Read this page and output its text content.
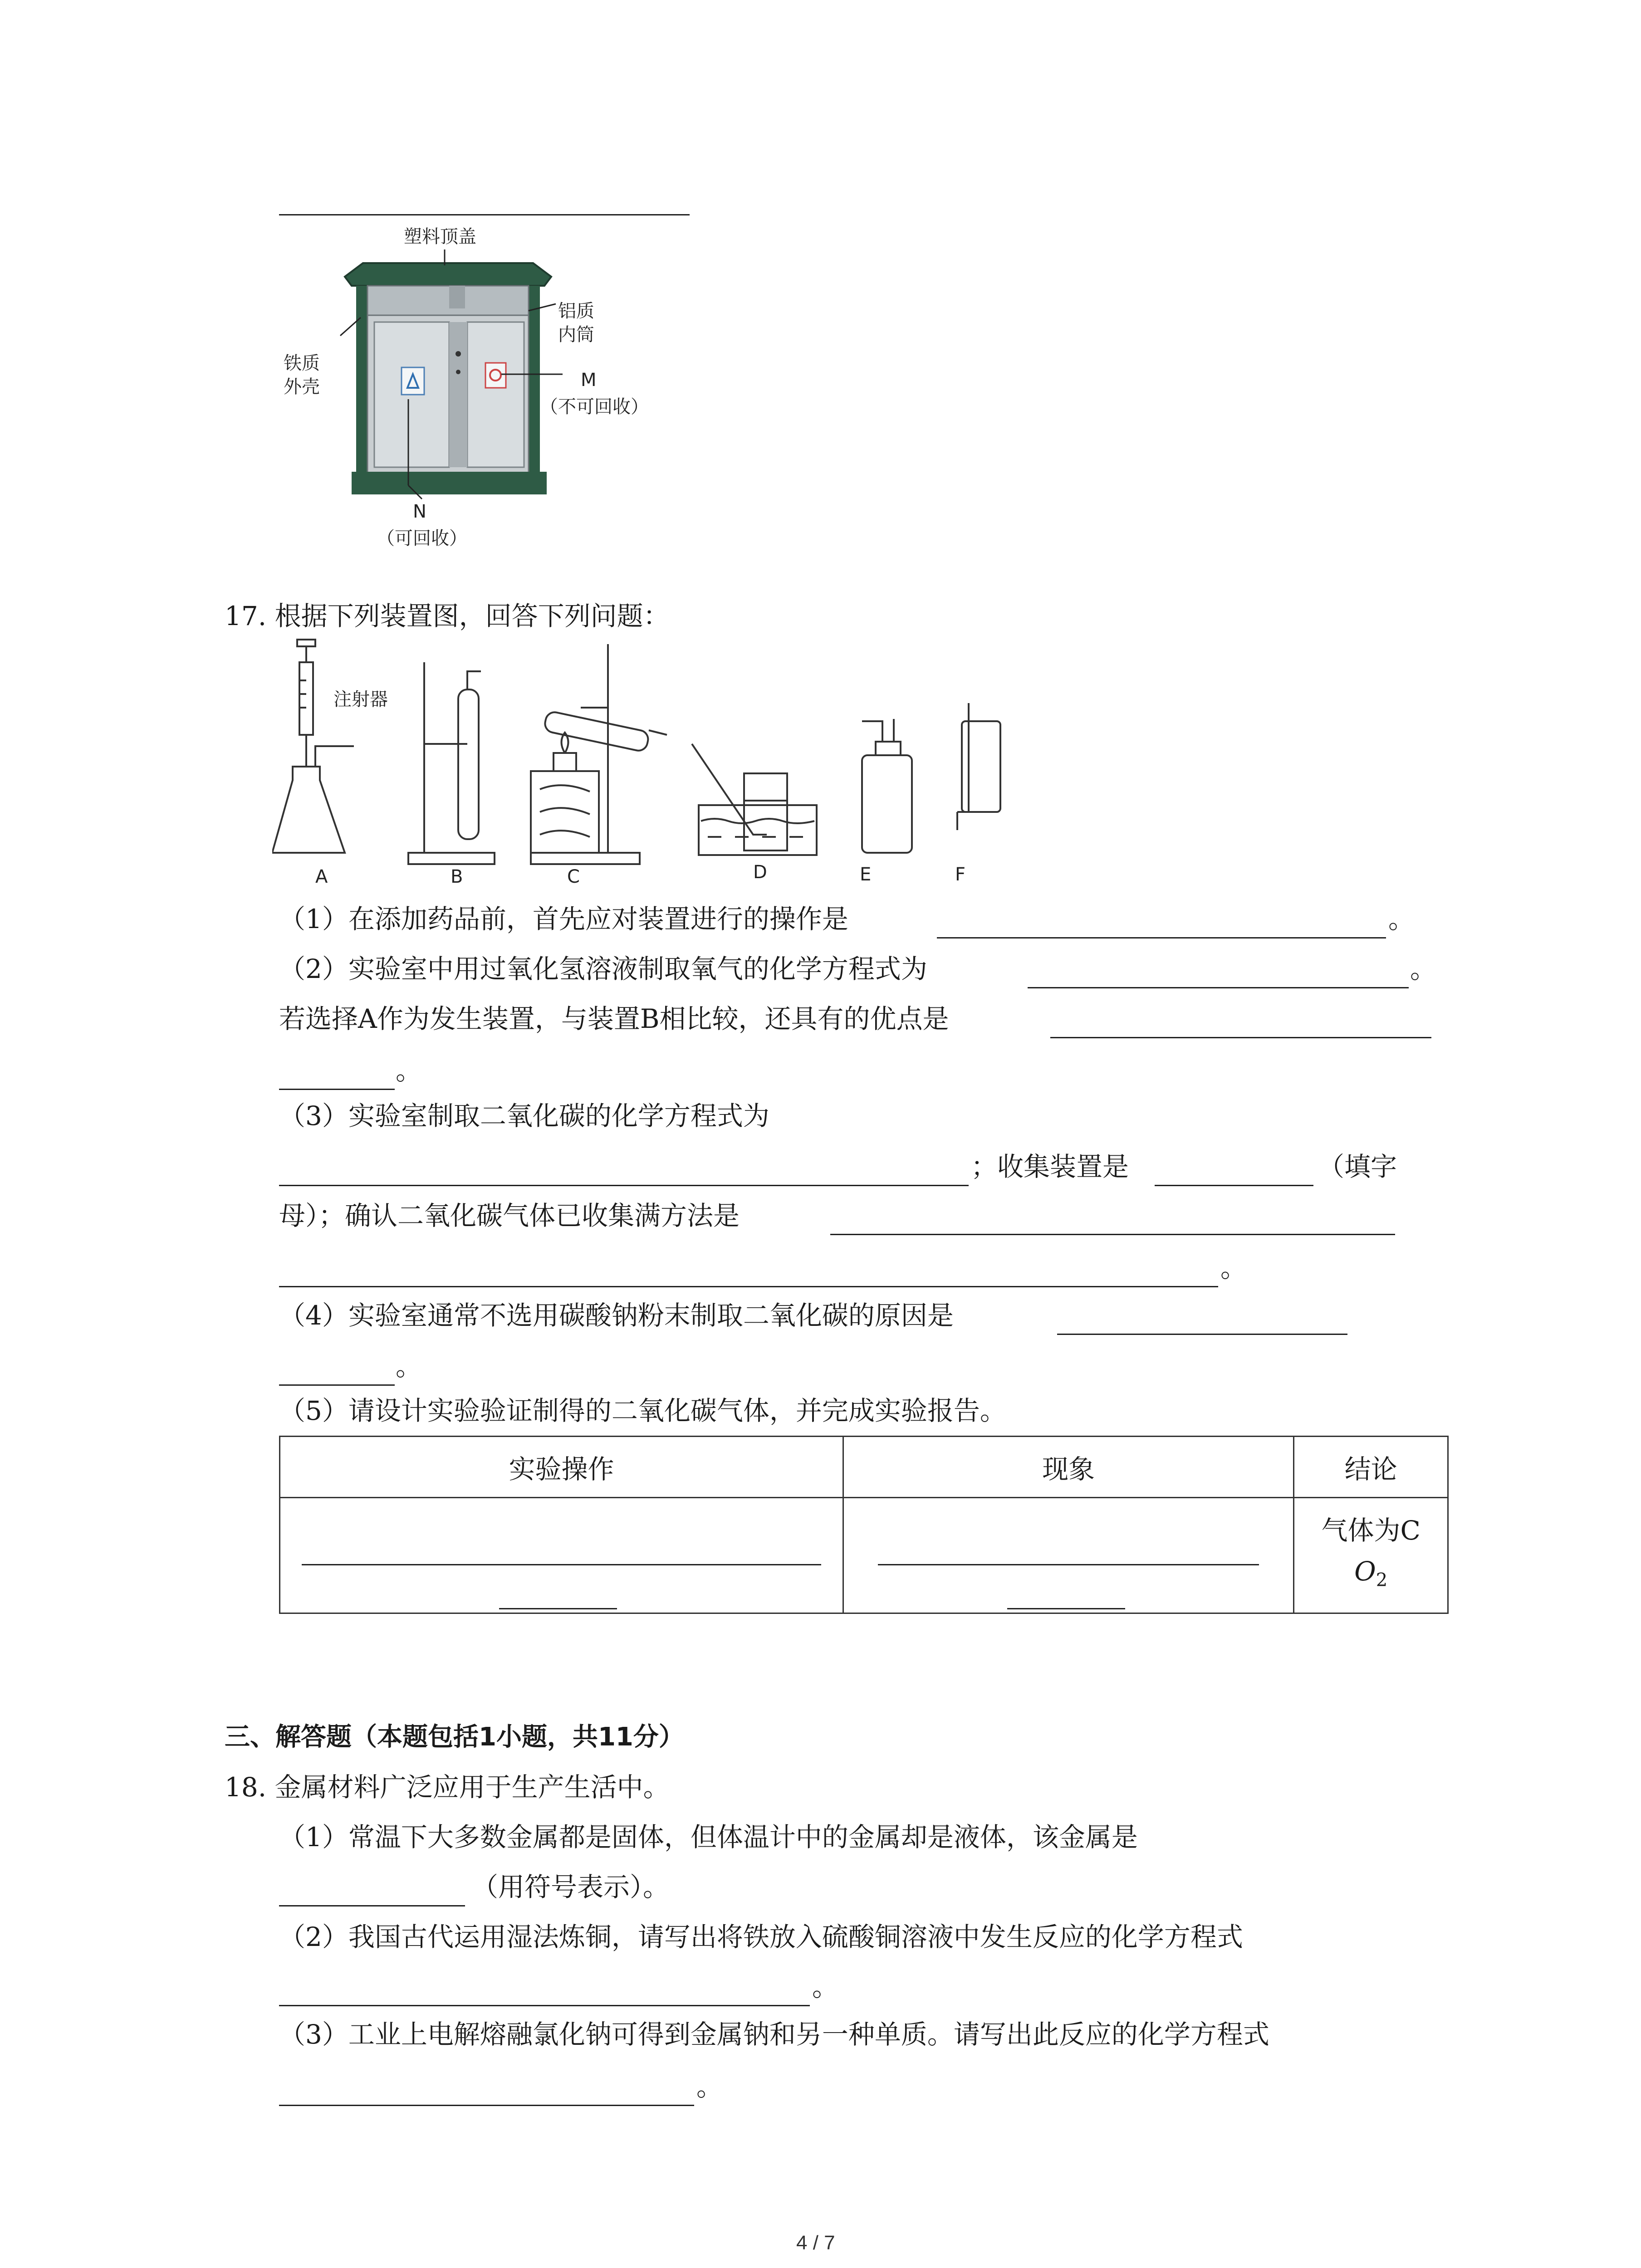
塑料顶盖
铝质
内筒
铁质
外壳	M
（不可回收）
N
（可回收）
17. 根据下列装置图，回答下列问题：
注射器
A	B	C	D	E	F
（1）在添加药品前，首先应对装置进行的操作是	。
（2）实验室中用过氧化氢溶液制取氧气的化学方程式为	。
若选择A作为发生装置，与装置B相比较，还具有的优点是
。
（3）实验室制取二氧化碳的化学方程式为
；收集装置是	（填字
母）；确认二氧化碳气体已收集满方法是
。
（4）实验室通常不选用碳酸钠粉末制取二氧化碳的原因是
。
（5）请设计实验验证制得的二氧化碳气体，并完成实验报告。
实验操作	现象	结论
		气体为C
$O_2$
三、解答题（本题包括1小题，共11分）
18. 金属材料广泛应用于生产生活中。
（1）常温下大多数金属都是固体，但体温计中的金属却是液体，该金属是
（用符号表示）。
（2）我国古代运用湿法炼铜，请写出将铁放入硫酸铜溶液中发生反应的化学方程式
。
（3）工业上电解熔融氯化钠可得到金属钠和另一种单质。请写出此反应的化学方程式
。
4 / 7
